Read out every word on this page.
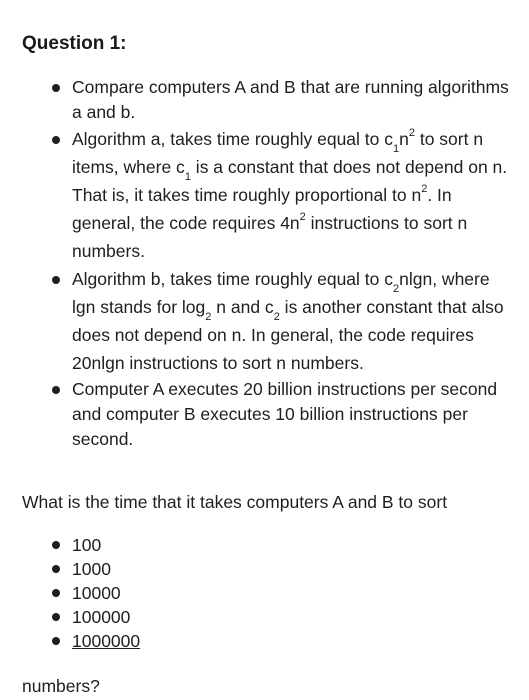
Question 1:
Compare computers A and B that are running algorithms a and b.
Algorithm a, takes time roughly equal to $c_1n^2$ to sort n items, where $c_1$ is a constant that does not depend on n. That is, it takes time roughly proportional to $n^2$. In general, the code requires $4n^2$ instructions to sort n numbers.
Algorithm b, takes time roughly equal to $c_2nlgn$, where lgn stands for $\log_2 n$ and $c_2$ is another constant that also does not depend on n. In general, the code requires 20nlgn instructions to sort n numbers.
Computer A executes 20 billion instructions per second and computer B executes 10 billion instructions per second.
What is the time that it takes computers A and B to sort
100
1000
10000
100000
1000000
numbers?
